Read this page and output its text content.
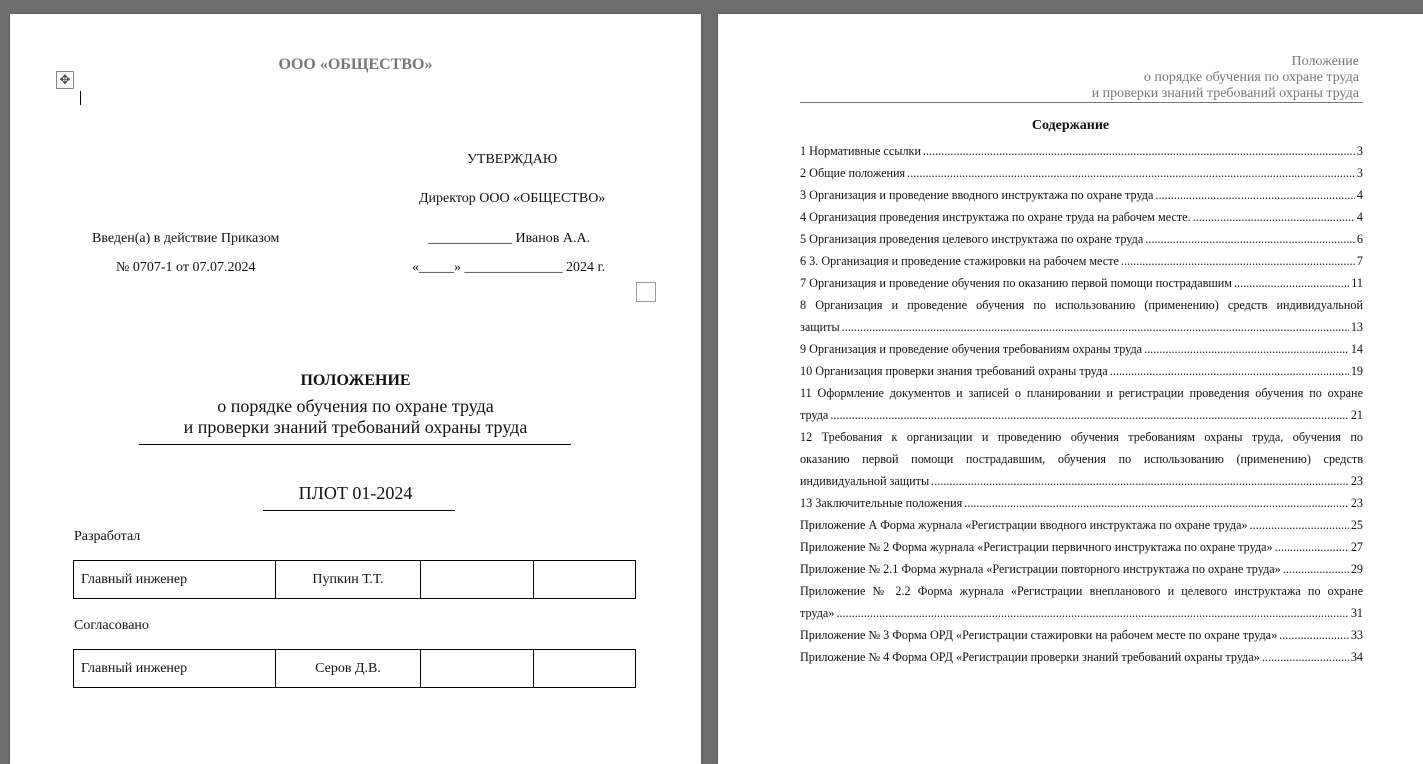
ООО «ОБЩЕСТВО»
✥
УТВЕРЖДАЮ
Директор ООО «ОБЩЕСТВО»
____________ Иванов А.А.
«_____» ______________ 2024 г.
Введен(а) в действие Приказом
№ 0707-1 от 07.07.2024
ПОЛОЖЕНИЕ
о порядке обучения по охране труда
и проверки знаний требований охраны труда
ПЛОТ 01-2024
Разработал
Главный инженер	Пупкин Т.Т.		
Согласовано
Главный инженер	Серов Д.В.		
Положение
о порядке обучения по охране труда
и проверки знаний требований охраны труда
Содержание
1 Нормативные ссылки .....	3
2 Общие положения .....	3
3 Организация и проведение вводного инструктажа по охране труда .....	4
4 Организация проведения инструктажа по охране труда на рабочем месте. .....	4
5 Организация проведения целевого инструктажа по охране труда .....	6
6 3. Организация и проведение стажировки на рабочем месте .....	7
7 Организация и проведение обучения по оказанию первой помощи пострадавшим .....	11
8 Организация и проведение обучения по использованию (применению) средств индивидуальной
защиты .....	13
9 Организация и проведение обучения требованиям охраны труда .....	14
10 Организация проверки знания требований охраны труда .....	19
11 Оформление документов и записей о планировании и регистрации проведения обучения по охране
труда .....	21
12 Требования к организации и проведению обучения требованиям охраны труда, обучения по
оказанию первой помощи пострадавшим, обучения по использованию (применению) средств
индивидуальной защиты .....	23
13 Заключительные положения .....	23
Приложение А Форма журнала «Регистрации вводного инструктажа по охране труда» .....	25
Приложение № 2 Форма журнала «Регистрации первичного инструктажа по охране труда» .....	27
Приложение № 2.1 Форма журнала «Регистрации повторного инструктажа по охране труда» .....	29
Приложение № 2.2 Форма журнала «Регистрации внепланового и целевого инструктажа по охране
труда» .....	31
Приложение № 3 Форма ОРД «Регистрации стажировки на рабочем месте по охране труда» .....	33
Приложение № 4 Форма ОРД «Регистрации проверки знаний требований охраны труда» .....	34
